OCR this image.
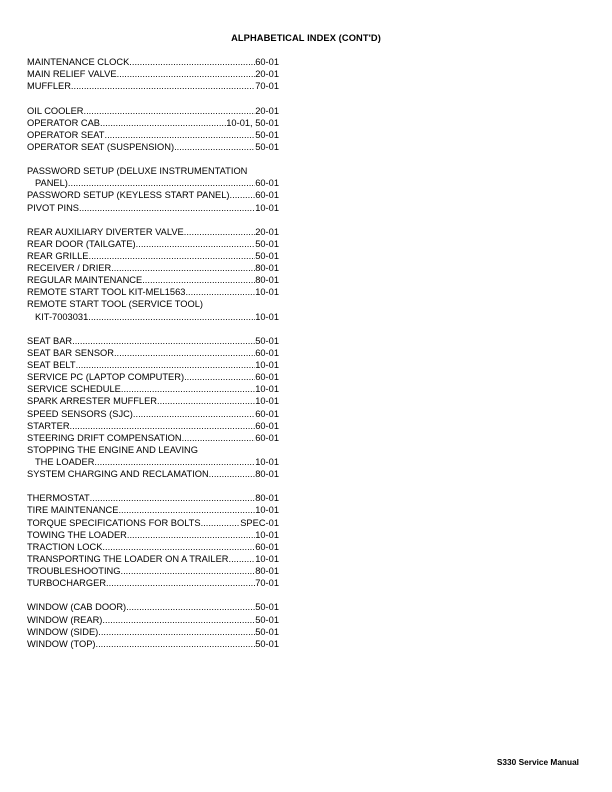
ALPHABETICAL INDEX (CONT'D)
MAINTENANCE CLOCK .....	60-01
MAIN RELIEF VALVE .....	20-01
MUFFLER .....	70-01
OIL COOLER .....	20-01
OPERATOR CAB .....	10-01, 50-01
OPERATOR SEAT .....	50-01
OPERATOR SEAT (SUSPENSION) .....	50-01
PASSWORD SETUP (DELUXE INSTRUMENTATION
PANEL) .....	60-01
PASSWORD SETUP (KEYLESS START PANEL) .....	60-01
PIVOT PINS .....	10-01
REAR AUXILIARY DIVERTER VALVE .....	20-01
REAR DOOR (TAILGATE) .....	50-01
REAR GRILLE .....	50-01
RECEIVER / DRIER .....	80-01
REGULAR MAINTENANCE .....	80-01
REMOTE START TOOL KIT-MEL1563 .....	10-01
REMOTE START TOOL (SERVICE TOOL)
KIT-7003031 .....	10-01
SEAT BAR .....	50-01
SEAT BAR SENSOR .....	60-01
SEAT BELT .....	10-01
SERVICE PC (LAPTOP COMPUTER) .....	60-01
SERVICE SCHEDULE .....	10-01
SPARK ARRESTER MUFFLER .....	10-01
SPEED SENSORS (SJC) .....	60-01
STARTER .....	60-01
STEERING DRIFT COMPENSATION .....	60-01
STOPPING THE ENGINE AND LEAVING
THE LOADER .....	10-01
SYSTEM CHARGING AND RECLAMATION .....	80-01
THERMOSTAT .....	80-01
TIRE MAINTENANCE .....	10-01
TORQUE SPECIFICATIONS FOR BOLTS .....	SPEC-01
TOWING THE LOADER .....	10-01
TRACTION LOCK .....	60-01
TRANSPORTING THE LOADER ON A TRAILER .....	10-01
TROUBLESHOOTING .....	80-01
TURBOCHARGER .....	70-01
WINDOW (CAB DOOR) .....	50-01
WINDOW (REAR) .....	50-01
WINDOW (SIDE) .....	50-01
WINDOW (TOP) .....	50-01
S330 Service Manual
